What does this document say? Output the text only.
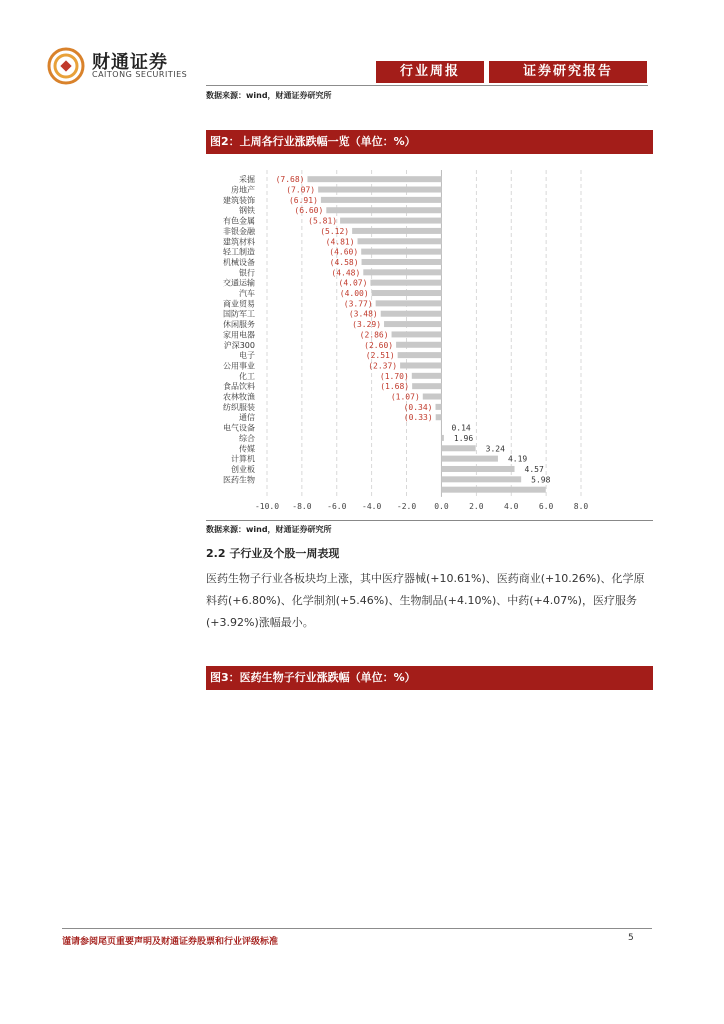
财通证券
CAITONG SECURITIES	行业周报	证券研究报告
数据来源：wind，财通证券研究所
图2：上周各行业涨跌幅一览（单位：%）
-10.0 -8.0 -6.0 -4.0 -2.0 0.0	2.0	4.0	6.0	8.0
采掘	(7.68)
房地产	(7.07)
建筑装饰	(6.91)
钢铁	(6.60)
有色金属	(5.81)
非银金融	(5.12)
建筑材料	(4.81)
轻工制造	(4.60)
机械设备	(4.58)
银行	(4.48)
交通运输	(4.07)
汽车	(4.00)
商业贸易	(3.77)
国防军工	(3.48)
休闲服务	(3.29)
家用电器	(2.86)
沪深300	(2.60)
电子	(2.51)
公用事业	(2.37)
化工	(1.70)
食品饮料	(1.68)
农林牧渔	(1.07)
纺织服装	(0.34)
通信	(0.33)
电气设备	0.14
综合	1.96
传媒	3.24
计算机	4.19
创业板	4.57
医药生物	5.98
数据来源：wind，财通证券研究所
2.2 子行业及个股一周表现
医药生物子行业各板块均上涨，其中医疗器械(+10.61%)、医药商业(+10.26%)、化学原料药(+6.80%)、化学制剂(+5.46%)、生物制品(+4.10%)、中药(+4.07%)，医疗服务(+3.92%)涨幅最小。
图3：医药生物子行业涨跌幅（单位：%）
谨请参阅尾页重要声明及财通证券股票和行业评级标准	5
